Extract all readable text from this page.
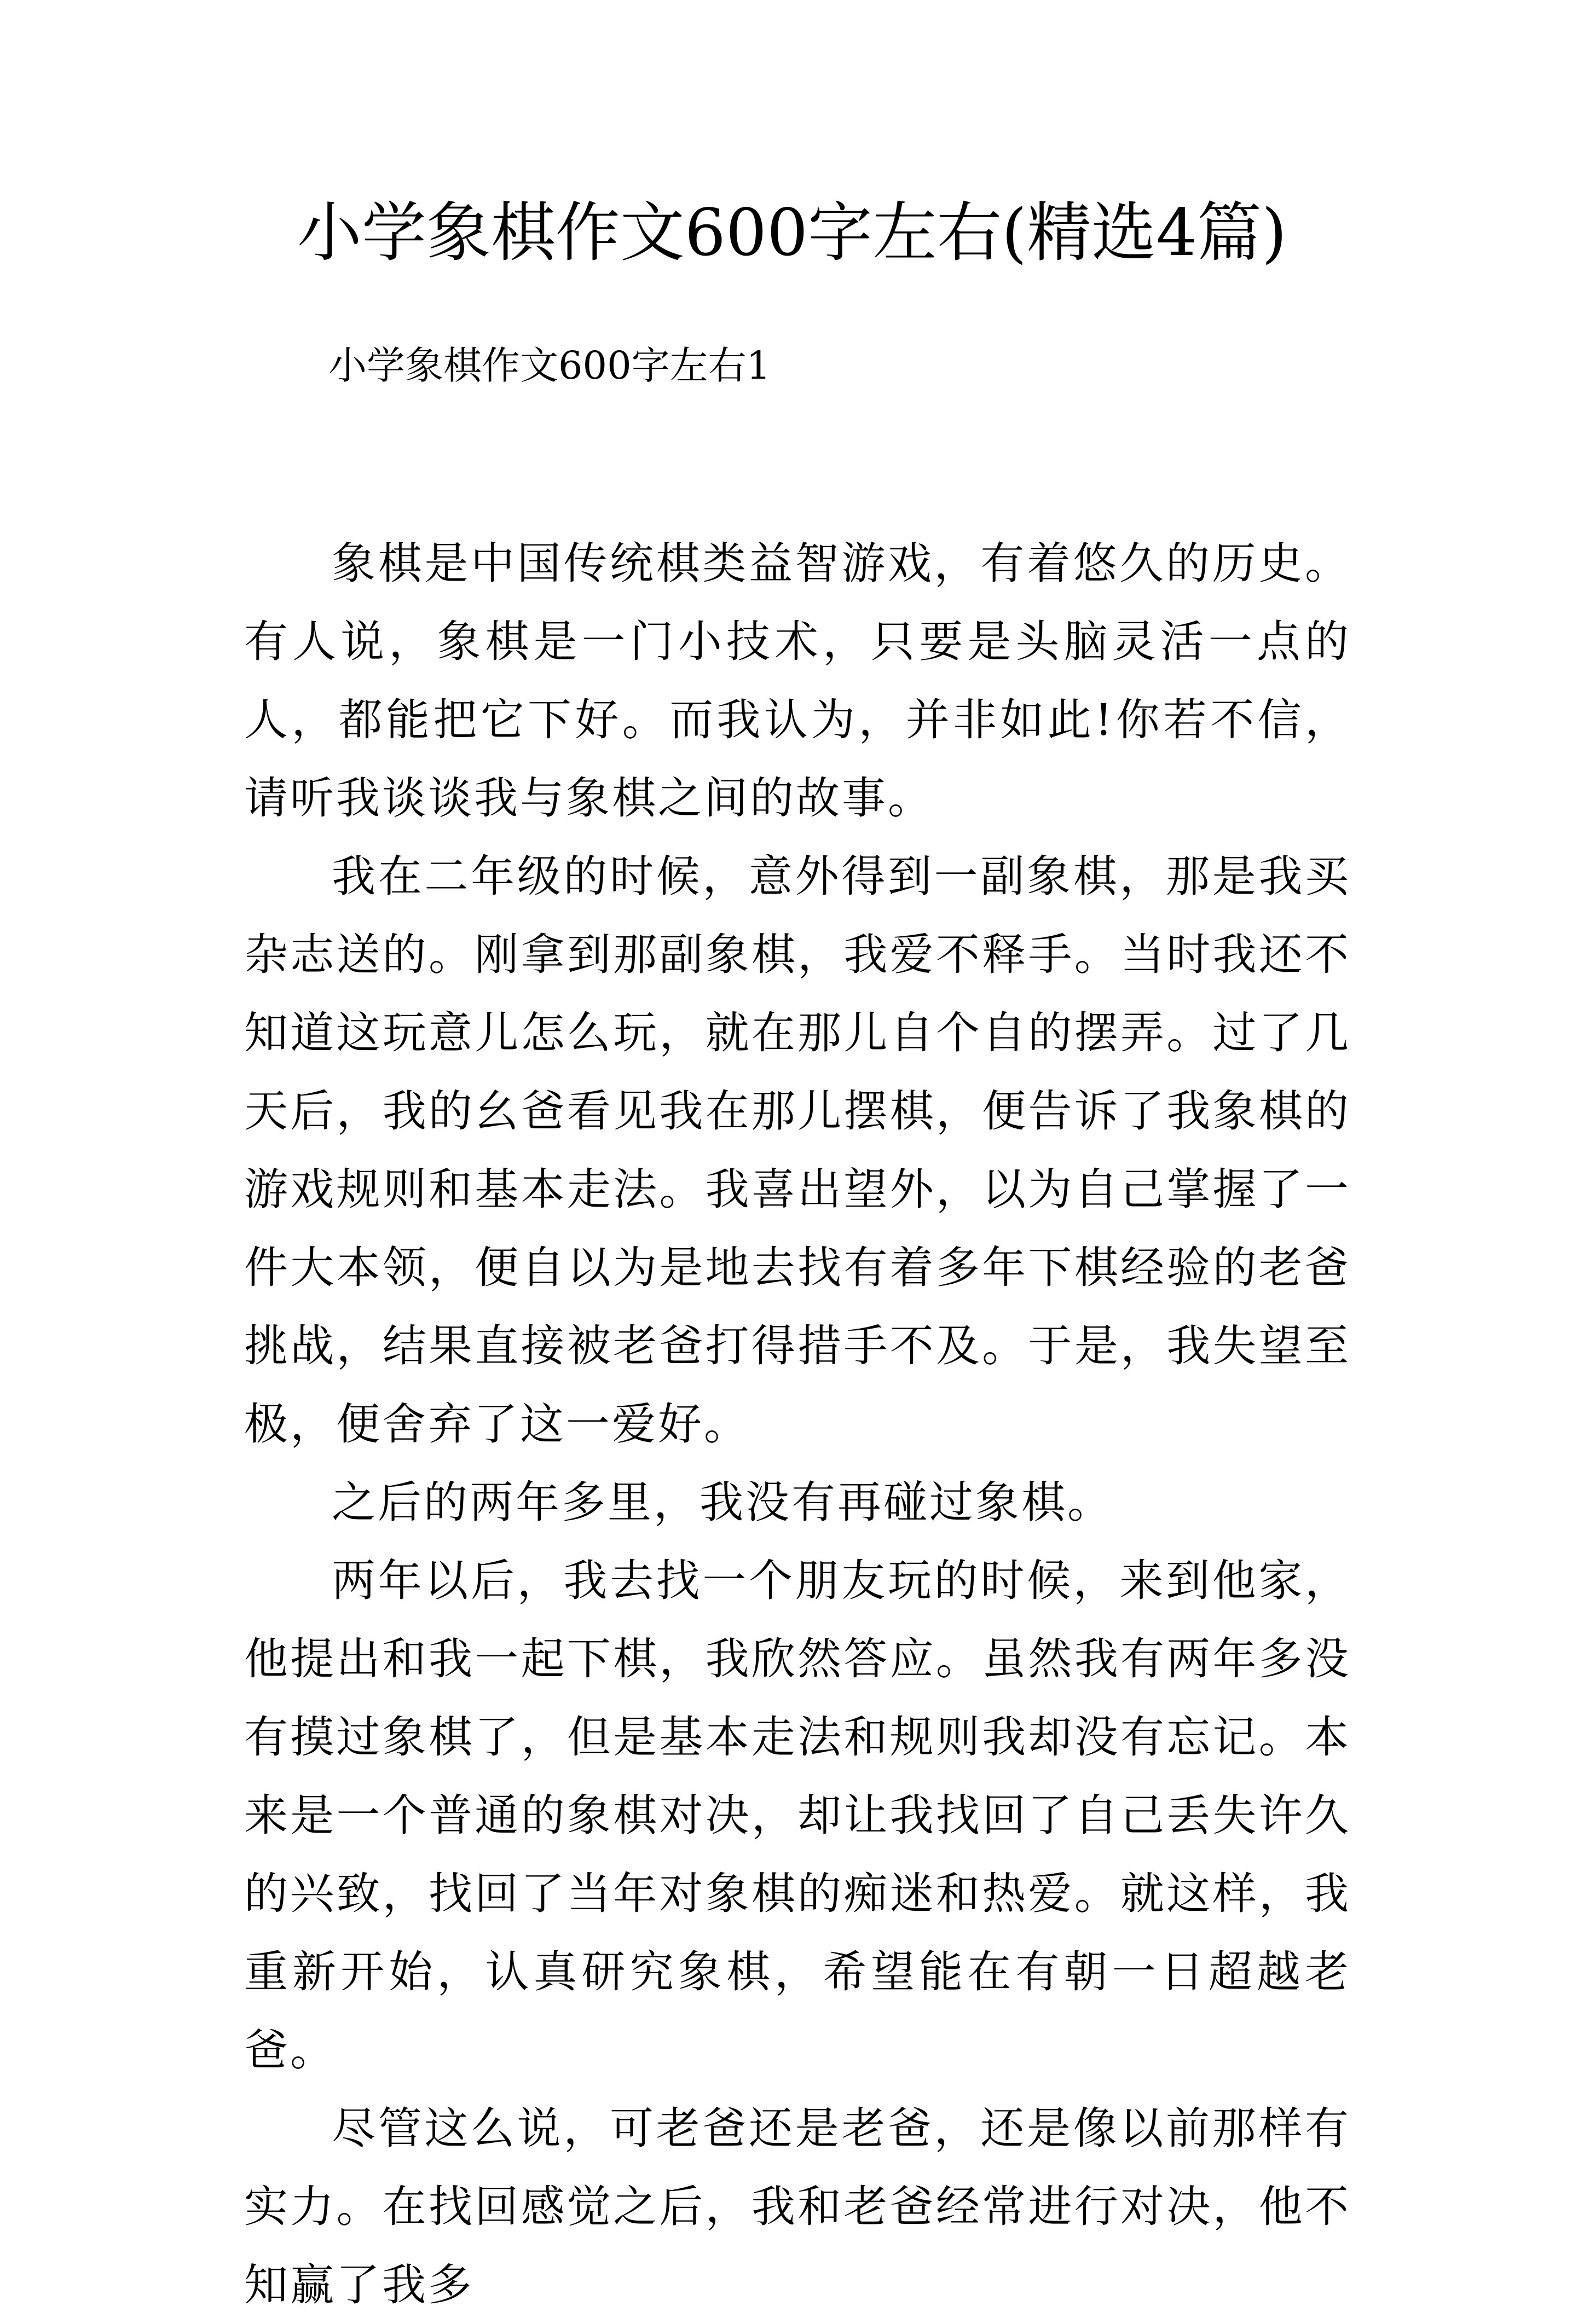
小学象棋作文600字左右(精选4篇)
小学象棋作文600字左右1

象棋是中国传统棋类益智游戏，有着悠久的历史。有人说，象棋是一门小技术，只要是头脑灵活一点的人，都能把它下好。而我认为，并非如此!你若不信，请听我谈谈我与象棋之间的故事。

我在二年级的时候，意外得到一副象棋，那是我买杂志送的。刚拿到那副象棋，我爱不释手。当时我还不知道这玩意儿怎么玩，就在那儿自个自的摆弄。过了几天后，我的幺爸看见我在那儿摆棋，便告诉了我象棋的游戏规则和基本走法。我喜出望外，以为自己掌握了一件大本领，便自以为是地去找有着多年下棋经验的老爸挑战，结果直接被老爸打得措手不及。于是，我失望至极，便舍弃了这一爱好。

之后的两年多里，我没有再碰过象棋。

两年以后，我去找一个朋友玩的时候，来到他家，他提出和我一起下棋，我欣然答应。虽然我有两年多没有摸过象棋了，但是基本走法和规则我却没有忘记。本来是一个普通的象棋对决，却让我找回了自己丢失许久的兴致，找回了当年对象棋的痴迷和热爱。就这样，我重新开始，认真研究象棋，希望能在有朝一日超越老爸。

尽管这么说，可老爸还是老爸，还是像以前那样有实力。在找回感觉之后，我和老爸经常进行对决，他不知赢了我多
